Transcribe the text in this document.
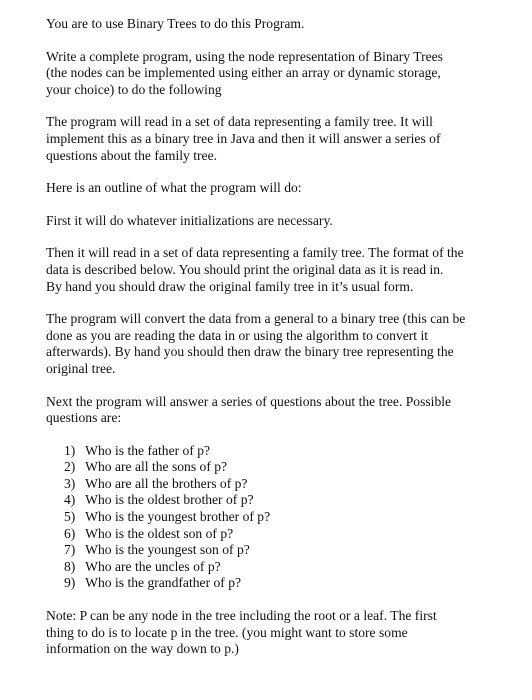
You are to use Binary Trees to do this Program.

Write a complete program, using the node representation of Binary Trees
(the nodes can be implemented using either an array or dynamic storage,
your choice) to do the following

The program will read in a set of data representing a family tree. It will
implement this as a binary tree in Java and then it will answer a series of
questions about the family tree.

Here is an outline of what the program will do:

First it will do whatever initializations are necessary.

Then it will read in a set of data representing a family tree. The format of the
data is described below. You should print the original data as it is read in.
By hand you should draw the original family tree in it’s usual form.

The program will convert the data from a general to a binary tree (this can be
done as you are reading the data in or using the algorithm to convert it
afterwards). By hand you should then draw the binary tree representing the
original tree.

Next the program will answer a series of questions about the tree. Possible
questions are:

1) Who is the father of p?
2) Who are all the sons of p?
3) Who are all the brothers of p?
4) Who is the oldest brother of p?
5) Who is the youngest brother of p?
6) Who is the oldest son of p?
7) Who is the youngest son of p?
8) Who are the uncles of p?
9) Who is the grandfather of p?

Note: P can be any node in the tree including the root or a leaf. The first
thing to do is to locate p in the tree. (you might want to store some
information on the way down to p.)
